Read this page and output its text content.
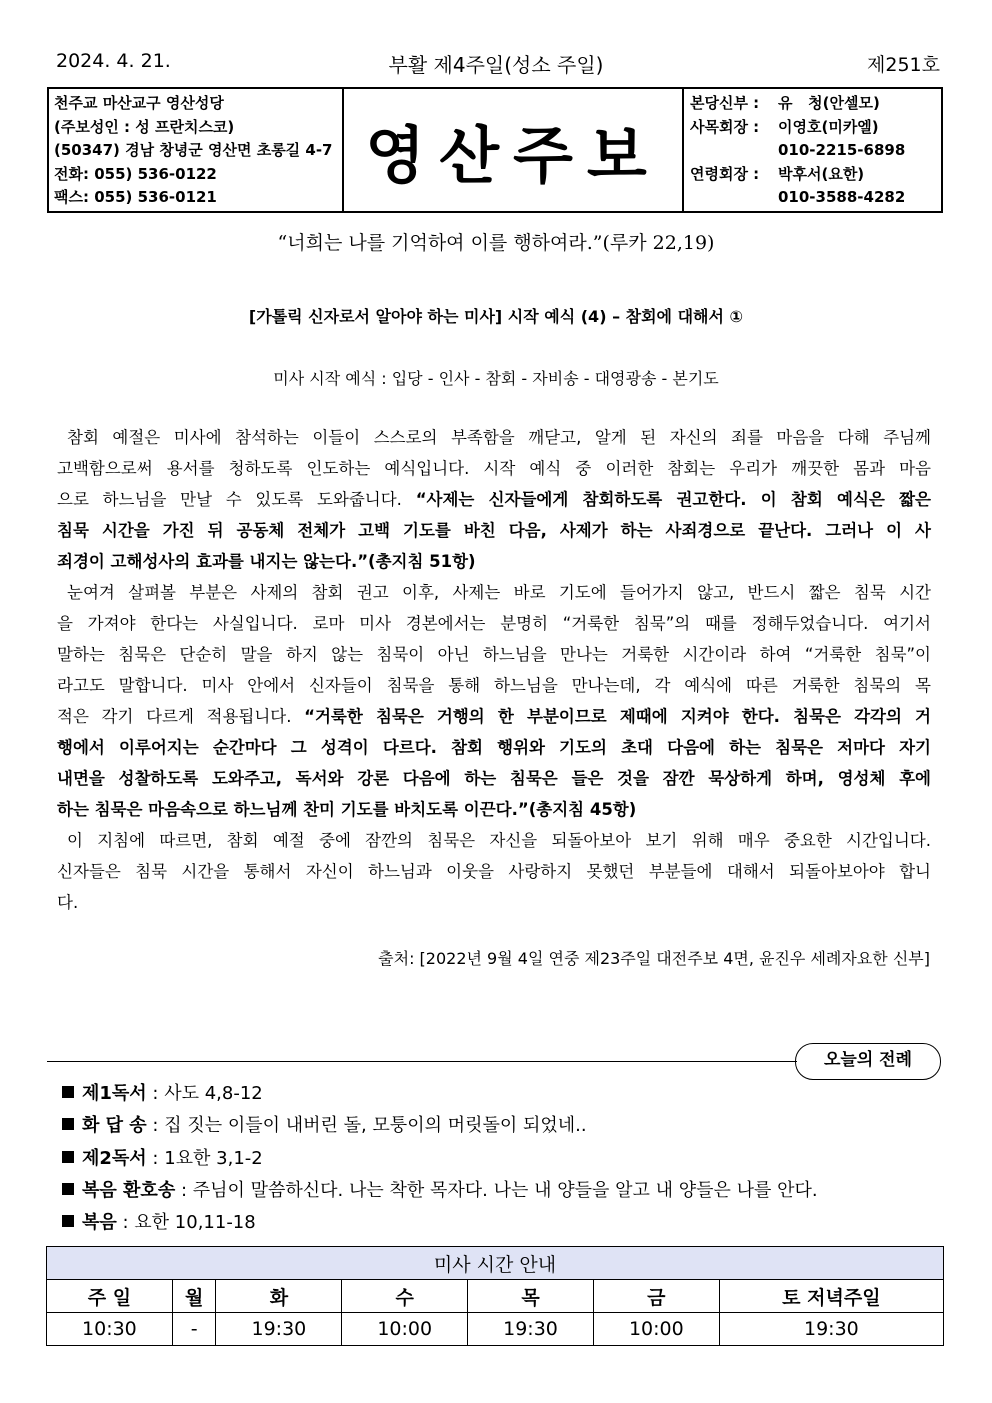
2024. 4. 21.	부활 제4주일(성소 주일)	제251호
천주교 마산교구 영산성당
(주보성인 : 성 프란치스코)
(50347) 경남 창녕군 영산면 초롱길 4-7
전화: 055) 536-0122
팩스: 055) 536-0121
영산주보
본당신부 :	유   청(안셀모)
사목회장 :	이영호(미카엘)
010-2215-6898
연령회장 :	박후서(요한)
010-3588-4282
“너희는 나를 기억하여 이를 행하여라.”(루카 22,19)
[가톨릭 신자로서 알아야 하는 미사] 시작 예식 (4) – 참회에 대해서 ①
미사 시작 예식 : 입당 - 인사 - 참회 - 자비송 - 대영광송 - 본기도
참회 예절은 미사에 참석하는 이들이 스스로의 부족함을 깨닫고, 알게 된 자신의 죄를 마음을 다해 주님께
고백함으로써 용서를 청하도록 인도하는 예식입니다. 시작 예식 중 이러한 참회는 우리가 깨끗한 몸과 마음
으로 하느님을 만날 수 있도록 도와줍니다. “사제는 신자들에게 참회하도록 권고한다. 이 참회 예식은 짧은
침묵 시간을 가진 뒤 공동체 전체가 고백 기도를 바친 다음, 사제가 하는 사죄경으로 끝난다. 그러나 이 사
죄경이 고해성사의 효과를 내지는 않는다.”(총지침 51항)
눈여겨 살펴볼 부분은 사제의 참회 권고 이후, 사제는 바로 기도에 들어가지 않고, 반드시 짧은 침묵 시간
을 가져야 한다는 사실입니다. 로마 미사 경본에서는 분명히 “거룩한 침묵”의 때를 정해두었습니다. 여기서
말하는 침묵은 단순히 말을 하지 않는 침묵이 아닌 하느님을 만나는 거룩한 시간이라 하여 “거룩한 침묵”이
라고도 말합니다. 미사 안에서 신자들이 침묵을 통해 하느님을 만나는데, 각 예식에 따른 거룩한 침묵의 목
적은 각기 다르게 적용됩니다. “거룩한 침묵은 거행의 한 부분이므로 제때에 지켜야 한다. 침묵은 각각의 거
행에서 이루어지는 순간마다 그 성격이 다르다. 참회 행위와 기도의 초대 다음에 하는 침묵은 저마다 자기
내면을 성찰하도록 도와주고, 독서와 강론 다음에 하는 침묵은 들은 것을 잠깐 묵상하게 하며, 영성체 후에
하는 침묵은 마음속으로 하느님께 찬미 기도를 바치도록 이끈다.”(총지침 45항)
이 지침에 따르면, 참회 예절 중에 잠깐의 침묵은 자신을 되돌아보아 보기 위해 매우 중요한 시간입니다.
신자들은 침묵 시간을 통해서 자신이 하느님과 이웃을 사랑하지 못했던 부분들에 대해서 되돌아보아야 합니
다.
출처: [2022년 9월 4일 연중 제23주일 대전주보 4면, 윤진우 세례자요한 신부]
오늘의 전례
제1독서 : 사도 4,8-12
화 답 송 : 집 짓는 이들이 내버린 돌, 모퉁이의 머릿돌이 되었네..
제2독서 : 1요한 3,1-2
복음 환호송 : 주님이 말씀하신다. 나는 착한 목자다. 나는 내 양들을 알고 내 양들은 나를 안다.
복음 : 요한 10,11-18
미사 시간 안내						
주 일	월	화	수	목	금	토 저녁주일
10:30	-	19:30	10:00	19:30	10:00	19:30
